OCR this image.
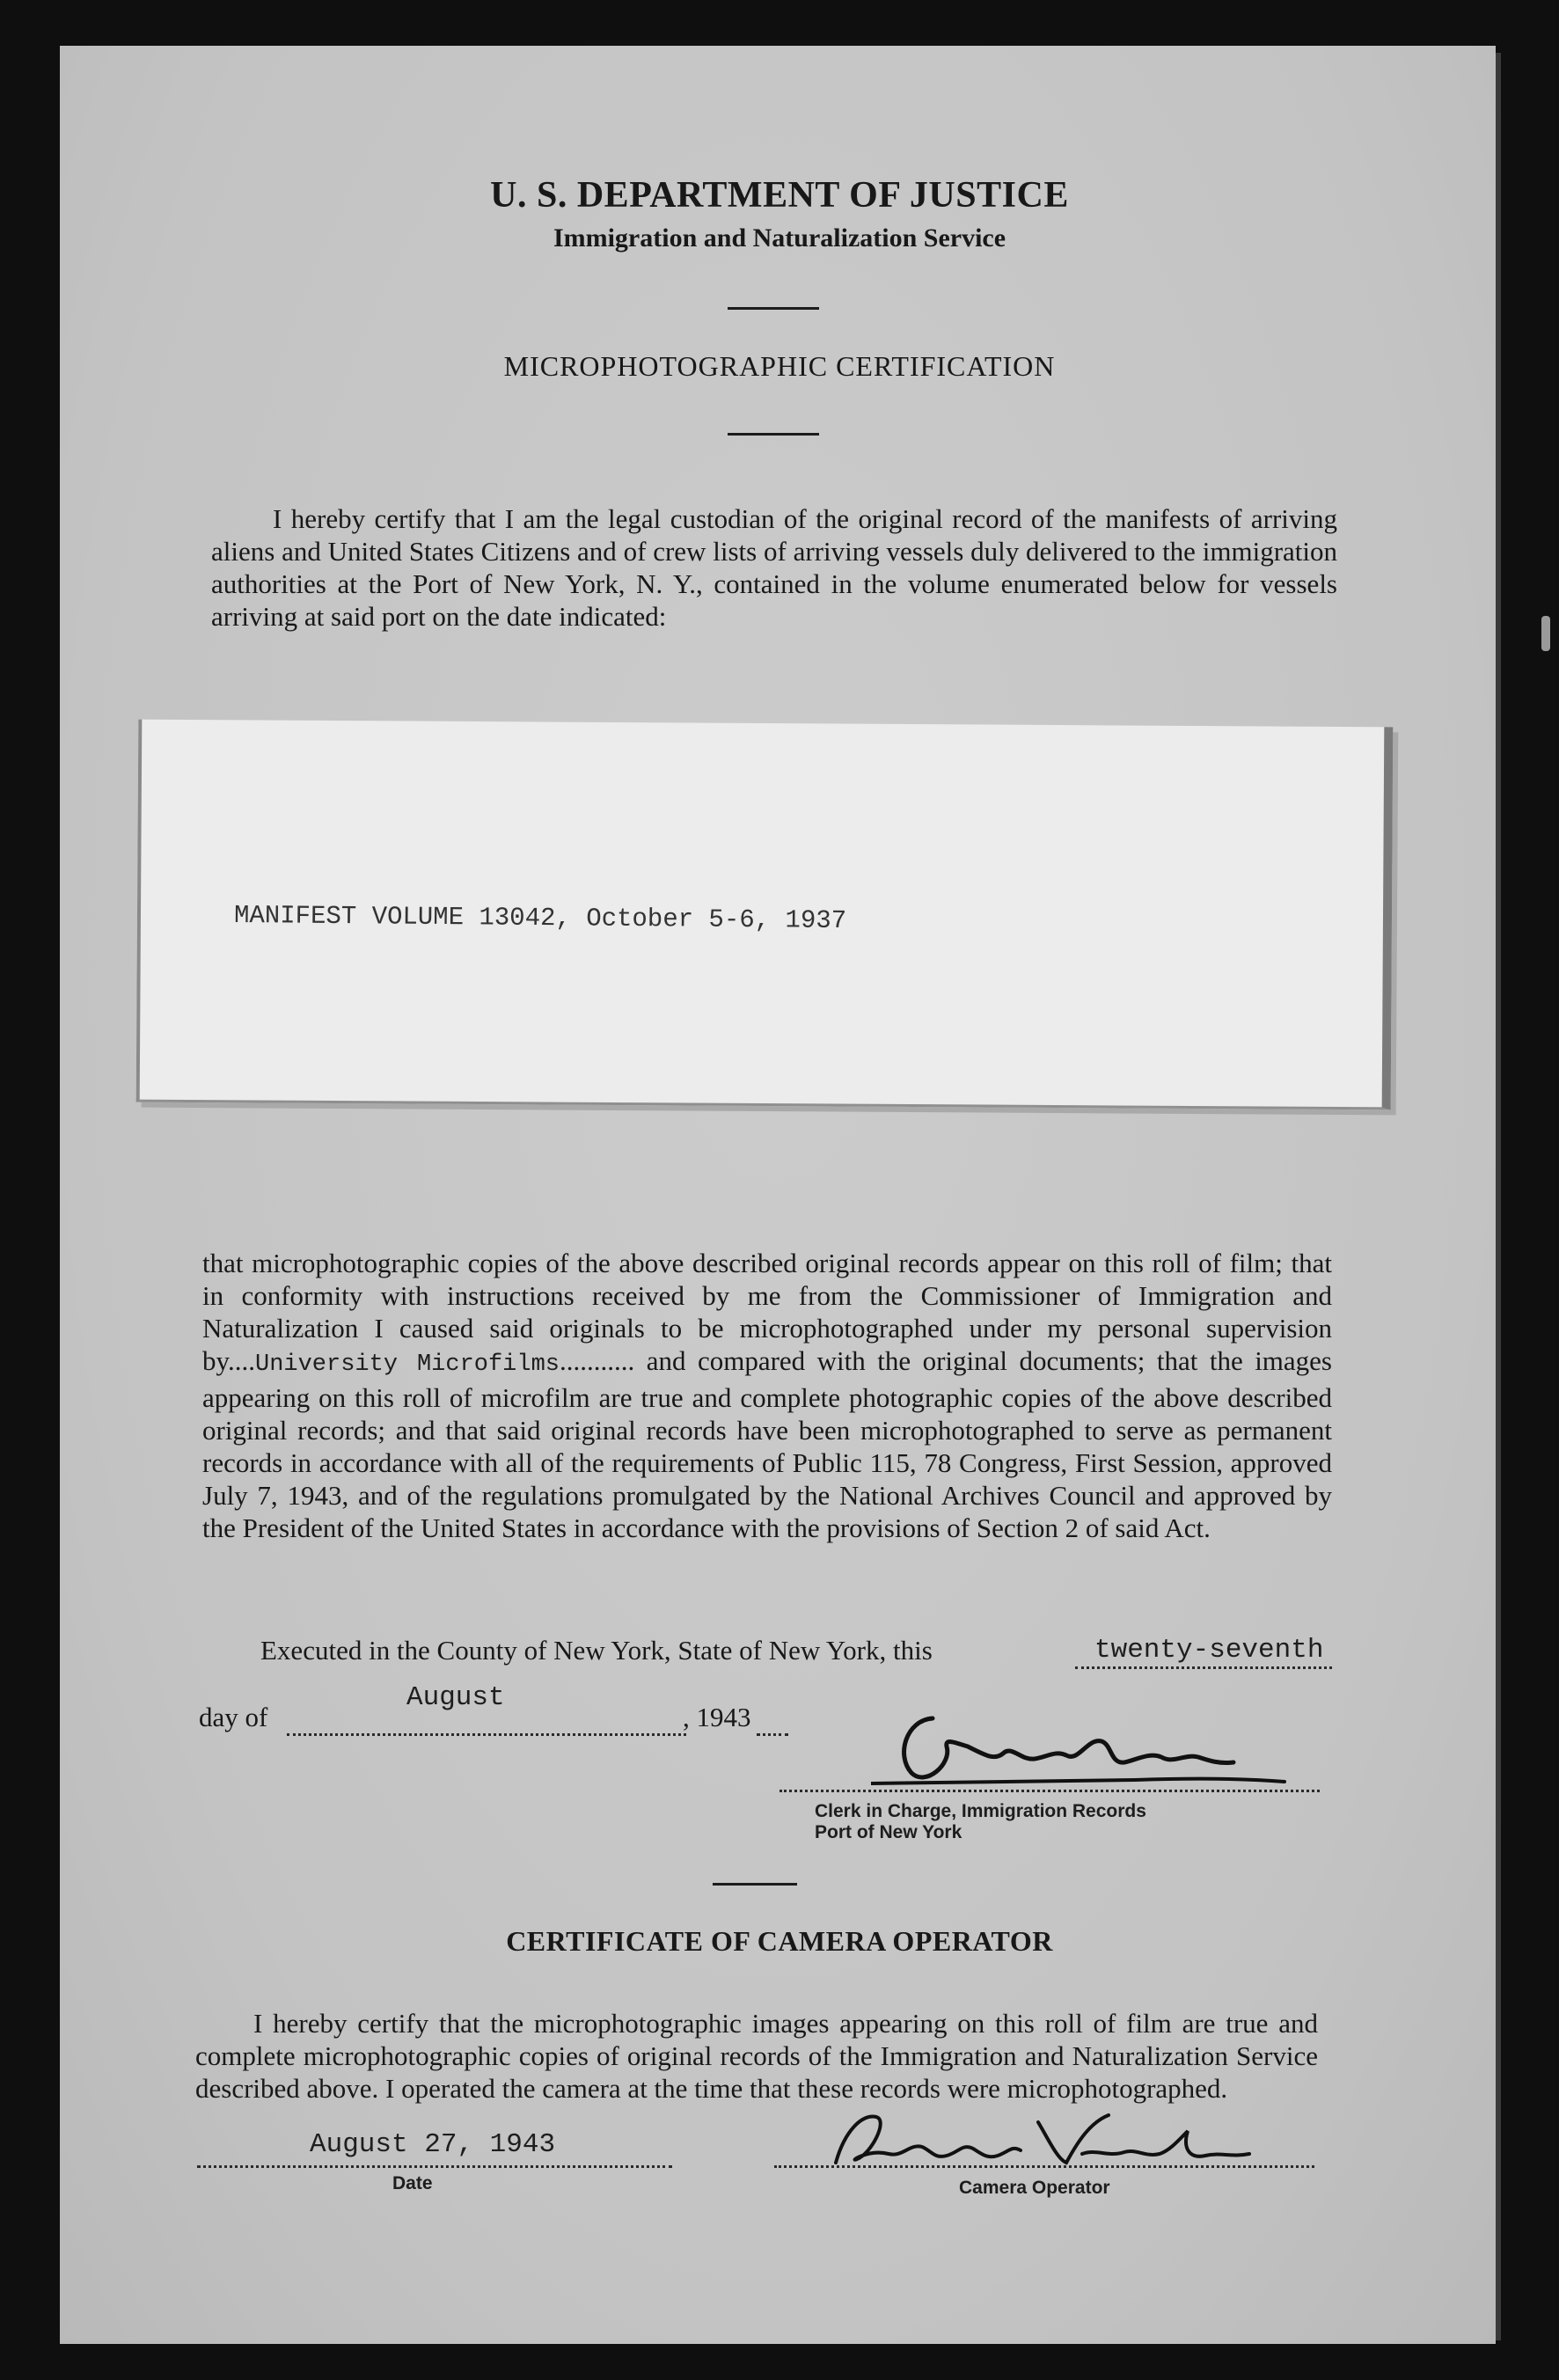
U. S. DEPARTMENT OF JUSTICE

Immigration and Naturalization Service

MICROPHOTOGRAPHIC CERTIFICATION

I hereby certify that I am the legal custodian of the original record of the manifests of arriving aliens and United States Citizens and of crew lists of arriving vessels duly delivered to the immigration authorities at the Port of New York, N. Y., contained in the volume enumerated below for vessels arriving at said port on the date indicated:

MANIFEST VOLUME 13042, October 5-6, 1937

that microphotographic copies of the above described original records appear on this roll of film; that in conformity with instructions received by me from the Commissioner of Immigration and Naturalization I caused said originals to be microphotographed under my personal supervision by....University Microfilms........... and compared with the original documents; that the images appearing on this roll of microfilm are true and complete photographic copies of the above described original records; and that said original records have been microphotographed to serve as permanent records in accordance with all of the requirements of Public 115, 78 Congress, First Session, approved July 7, 1943, and of the regulations promulgated by the National Archives Council and approved by the President of the United States in accordance with the provisions of Section 2 of said Act.

Executed in the County of New York, State of New York, this	twenty-seventh
day of
August
, 1943	Geo Baeare
Clerk in Charge, Immigration Records
Port of New York

CERTIFICATE OF CAMERA OPERATOR

I hereby certify that the microphotographic images appearing on this roll of film are true and complete microphotographic copies of original records of the Immigration and Naturalization Service described above. I operated the camera at the time that these records were microphotographed.

August 27, 1943
Date
Anna Varadda
Camera Operator
